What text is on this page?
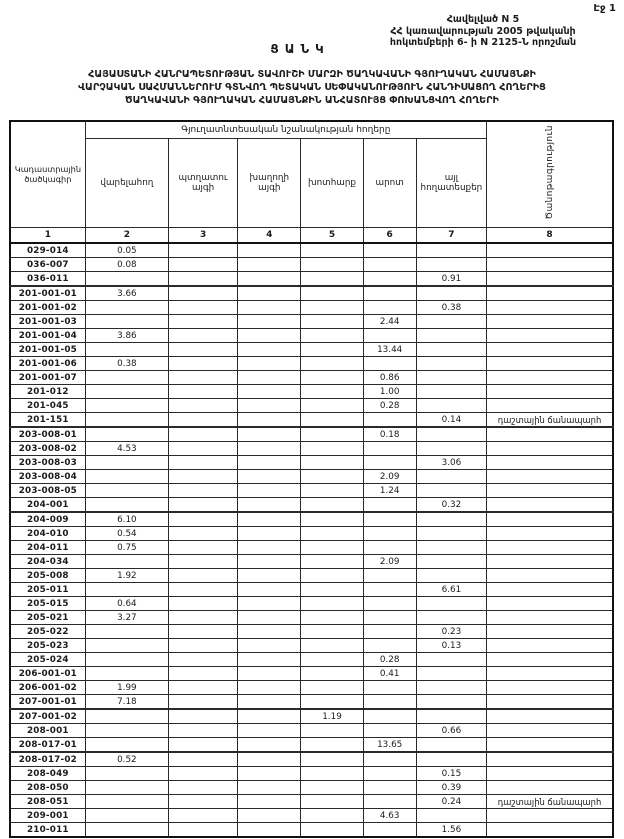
Էջ 1
Հավելված N 5
ՀՀ կառավարության 2005 թվականի
հոկտեմբերի 6- ի N 2125-Ն որոշման
ՑԱՆԿ
ՀԱՅԱՍՏԱՆԻ ՀԱՆՐԱՊԵՏՈՒԹՅԱՆ ՏԱՎՈՒՇԻ ՄԱՐԶԻ ԾԱՂԿԱՎԱՆԻ ԳՅՈՒՂԱԿԱՆ ՀԱՄԱՅՆՔԻ
ՎԱՐՉԱԿԱՆ ՍԱՀՄԱՆՆԵՐՈՒՄ ԳՏՆՎՈՂ ՊԵՏԱԿԱՆ ՍԵՓԱԿԱՆՈՒԹՅՈՒՆ ՀԱՆԴԻՍԱՑՈՂ ՀՈՂԵՐԻՑ
ԾԱՂԿԱՎԱՆԻ ԳՅՈՒՂԱԿԱՆ ՀԱՄԱՅՆՔԻՆ ԱՆՀԱՏՈՒՅՑ ՓՈԽԱՆՑՎՈՂ ՀՈՂԵՐԻ
Կադաստրային ծածկագիր	Գյուղատնտեսական նշանակության հողերը						Ծանոթագրություն
	վարելահող	պտղատու այգի	խաղողի այգի	խոտհարք	արոտ	այլ հողատեսքեր	
1	2	3	4	5	6	7	8
029-014	0.05						
036-007	0.08						
036-011						0.91	
201-001-01	3.66						
201-001-02						0.38	
201-001-03					2.44		
201-001-04	3.86						
201-001-05					13.44		
201-001-06	0.38						
201-001-07					0.86		
201-012					1.00		
201-045					0.28		
201-151						0.14	դաշտային ճանապարհ
203-008-01					0.18		
203-008-02	4.53						
203-008-03						3.06	
203-008-04					2.09		
203-008-05					1.24		
204-001						0.32	
204-009	6.10						
204-010	0.54						
204-011	0.75						
204-034					2.09		
205-008	1.92						
205-011						6.61	
205-015	0.64						
205-021	3.27						
205-022						0.23	
205-023						0.13	
205-024					0.28		
206-001-01					0.41		
206-001-02	1.99						
207-001-01	7.18						
207-001-02				1.19			
208-001						0.66	
208-017-01					13.65		
208-017-02	0.52						
208-049						0.15	
208-050						0.39	
208-051						0.24	դաշտային ճանապարհ
209-001					4.63		
210-011						1.56	
